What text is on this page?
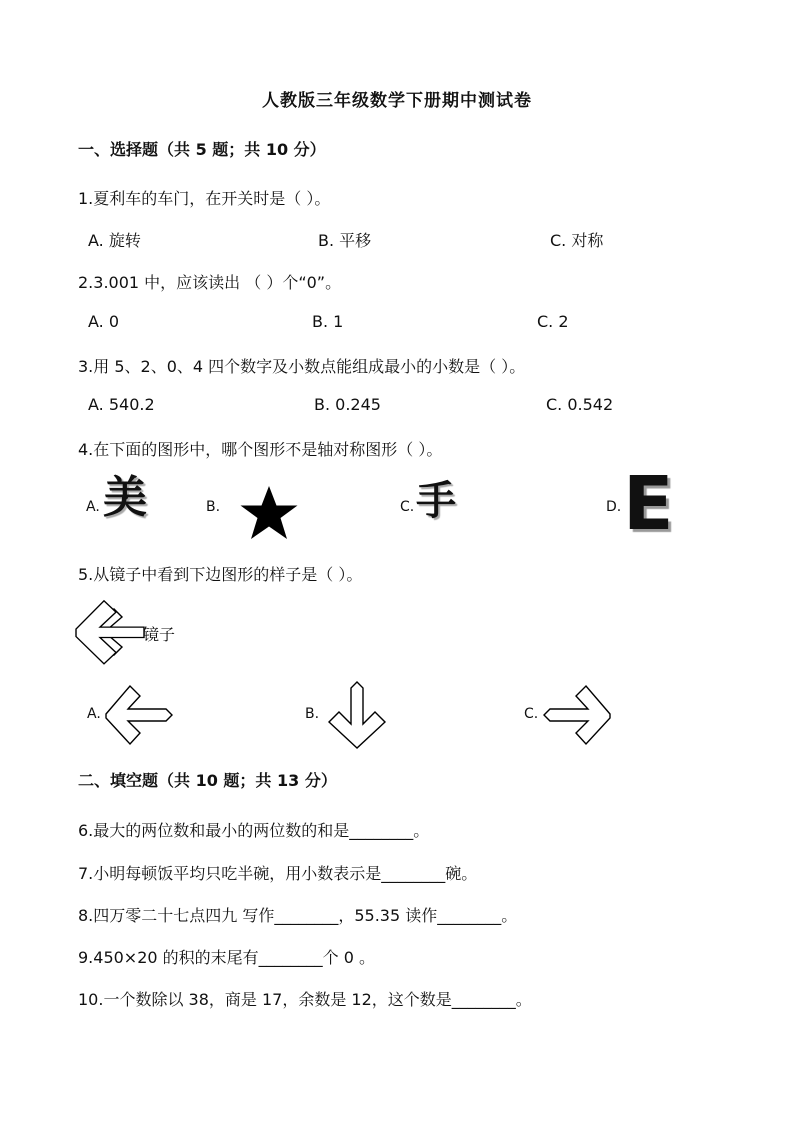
人教版三年级数学下册期中测试卷
一、选择题（共 5 题；共 10 分）
1.夏利车的车门，在开关时是（ ）。
A. 旋转	B. 平移	C. 对称
2.3.001 中，应该读出 （ ）个“0”。
A. 0	B. 1	C. 2
3.用 5、2、0、4 四个数字及小数点能组成最小的小数是（ ）。
A. 540.2	B. 0.245	C. 0.542
4.在下面的图形中，哪个图形不是轴对称图形（ ）。
A. 美	B.	C. 手	D. E
5.从镜子中看到下边图形的样子是（ ）。
镜子
A.	B.	C.
二、填空题（共 10 题；共 13 分）
6.最大的两位数和最小的两位数的和是________。
7.小明每顿饭平均只吃半碗，用小数表示是________碗。
8.四万零二十七点四九 写作________，55.35 读作________。
9.450×20 的积的末尾有________个 0 。
10.一个数除以 38，商是 17，余数是 12，这个数是________。
